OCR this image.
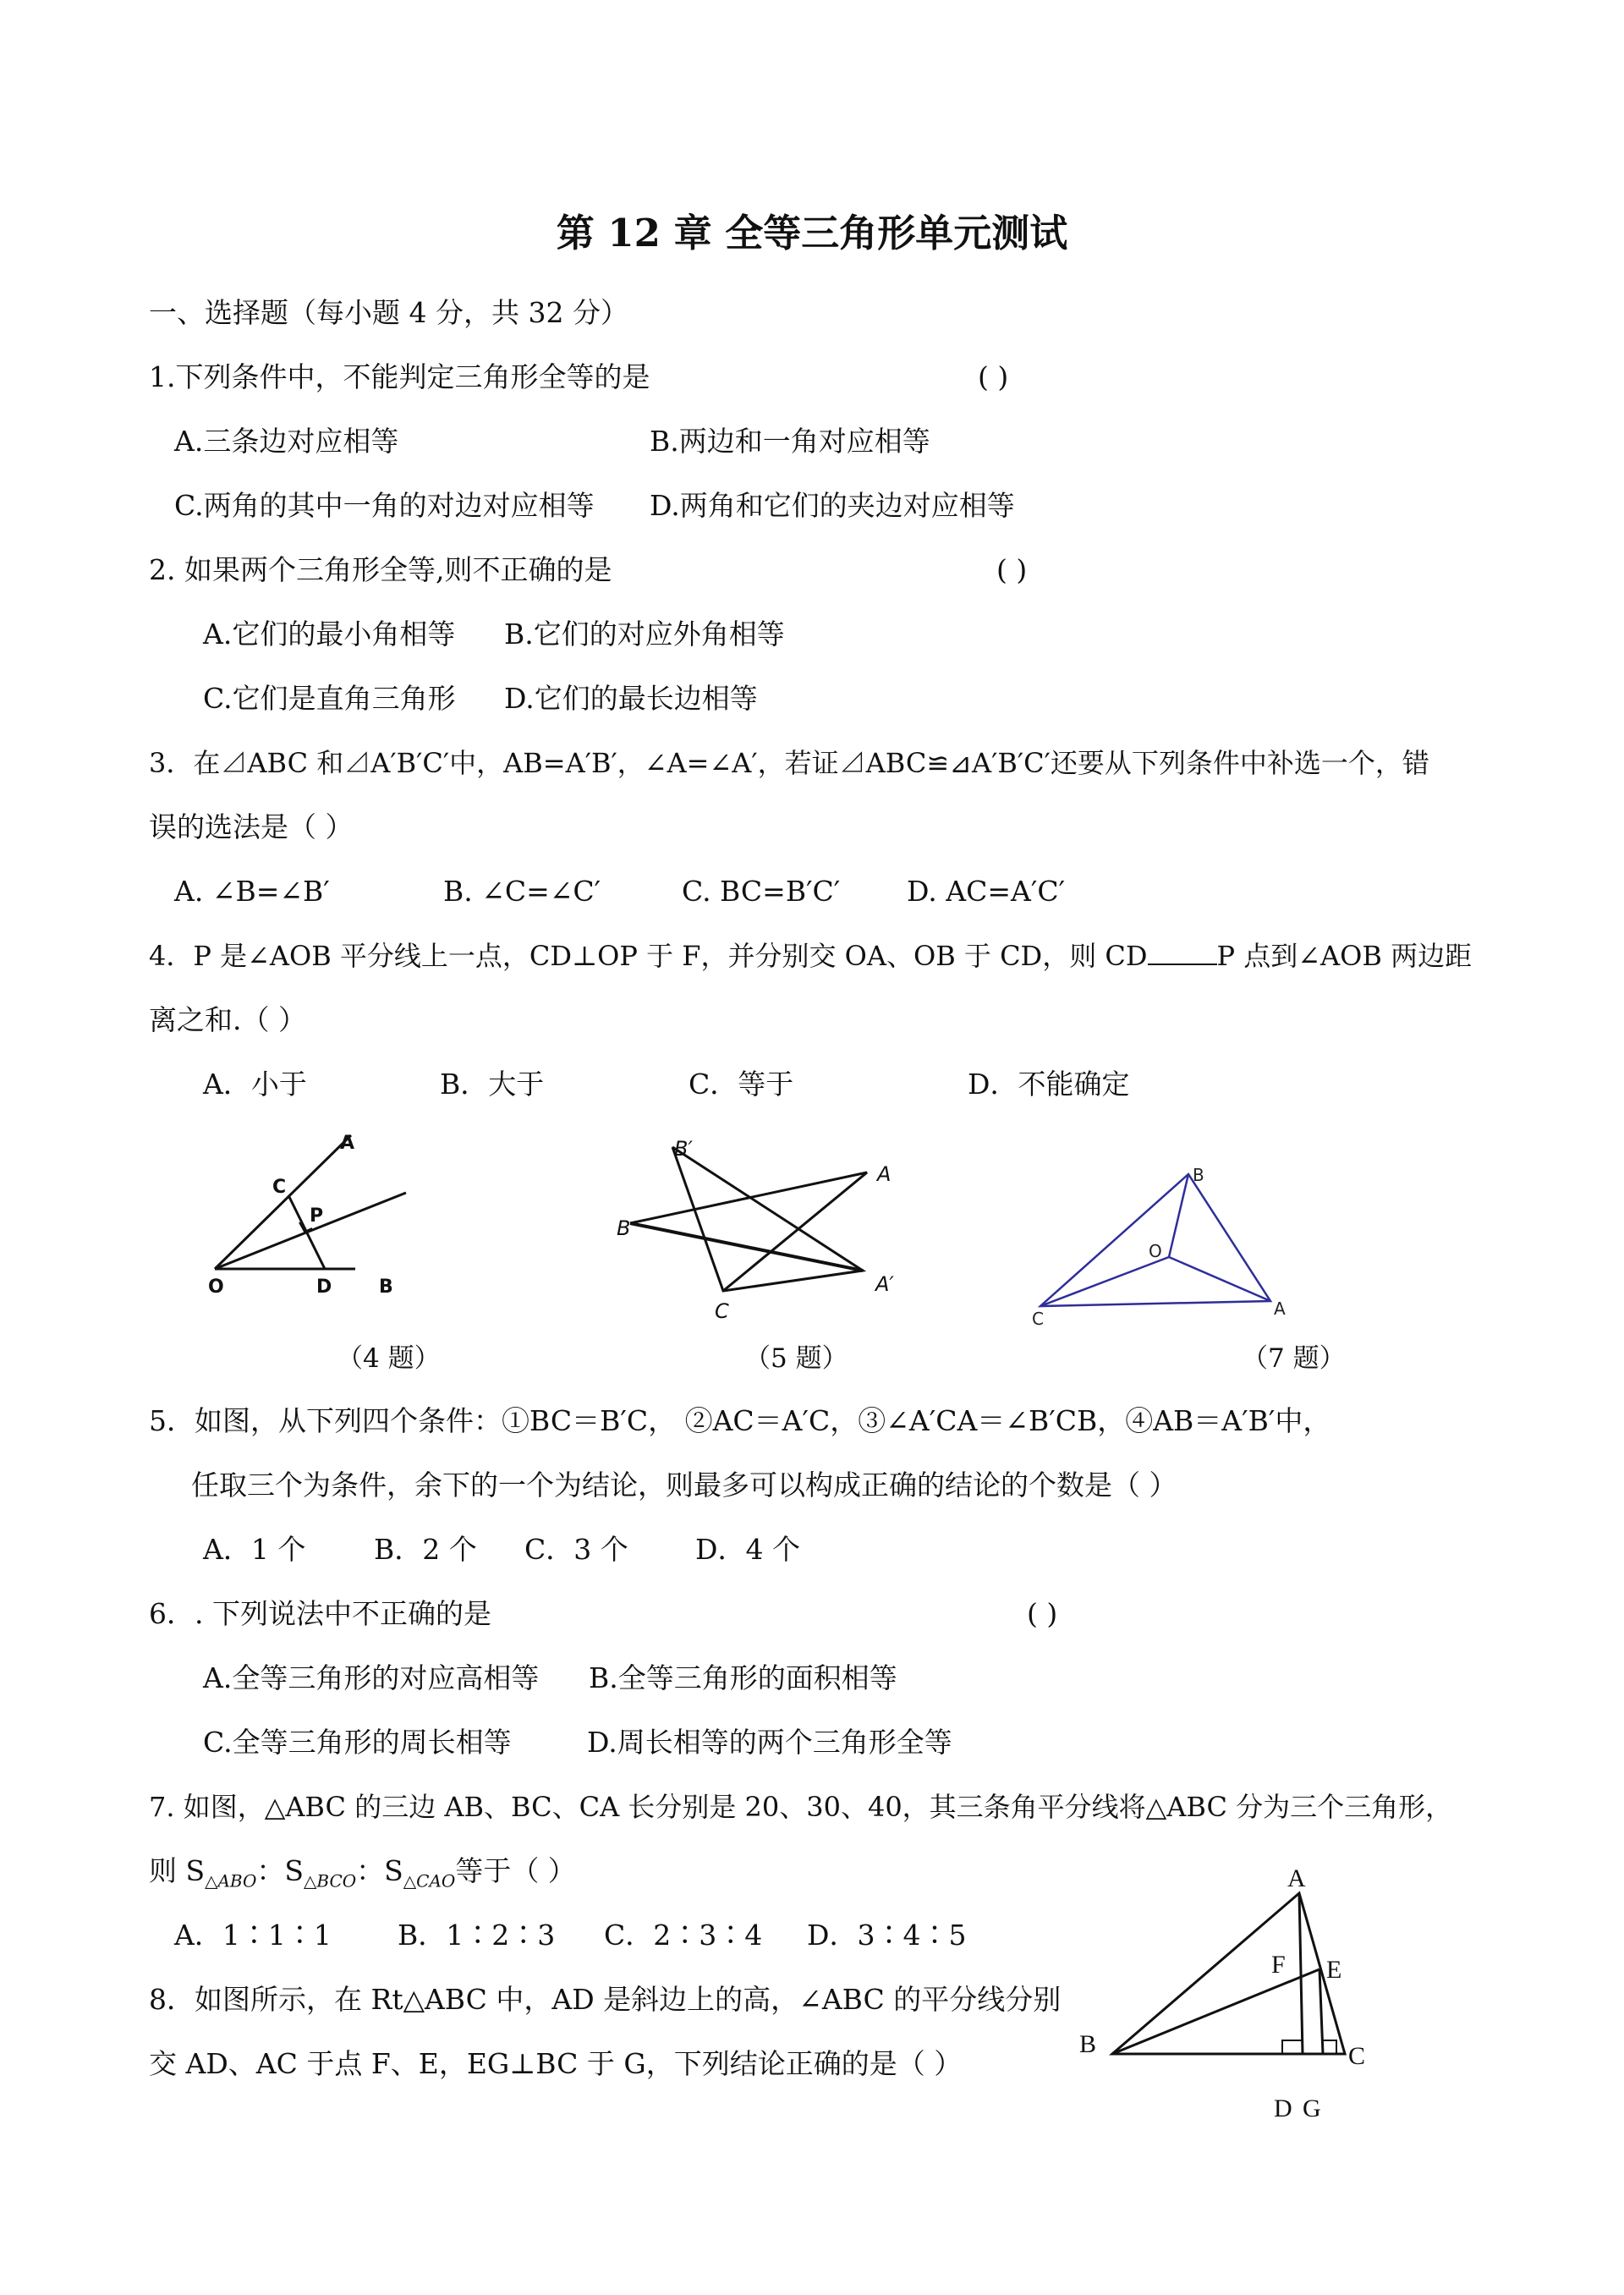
第 12 章 全等三角形单元测试
一、选择题（每小题 4 分，共 32 分）
1.下列条件中，不能判定三角形全等的是	( )
A.三条边对应相等	B.两边和一角对应相等
C.两角的其中一角的对边对应相等 D.两角和它们的夹边对应相等
2. 如果两个三角形全等,则不正确的是	( )
A.它们的最小角相等 B.它们的对应外角相等
C.它们是直角三角形 D.它们的最长边相等
3．在⊿ABC 和⊿A′B′C′中，AB=A′B′，∠A=∠A′，若证⊿ABC≌⊿A′B′C′还要从下列条件中补选一个，错
误的选法是（ ）
A. ∠B=∠B′	B. ∠C=∠C′	C. BC=B′C′ D. AC=A′C′
4．P 是∠AOB 平分线上一点，CD⊥OP 于 F，并分别交 OA、OB 于 CD，则 CD	P 点到∠AOB 两边距
离之和.（ ）
A．小于	B．大于	C．等于	D．不能确定
A
C
P
O	D	B
（4 题）
B′
A
B
A′
C
（5 题）
B
O
C	A
（7 题）
5．如图，从下列四个条件：①BC＝B′C， ②AC＝A′C，③∠A′CA＝∠B′CB，④AB＝A′B′中，
任取三个为条件，余下的一个为结论，则最多可以构成正确的结论的个数是（ ）
A．1 个 B．2 个 C．3 个 D．4 个
6．. 下列说法中不正确的是	( )
A.全等三角形的对应高相等 B.全等三角形的面积相等
C.全等三角形的周长相等	D.周长相等的两个三角形全等
7. 如图，△ABC 的三边 AB、BC、CA 长分别是 20、30、40，其三条角平分线将△ABC 分为三个三角形，
则 $S_{\triangle ABO}$：$S_{\triangle BCO}$：$S_{\triangle CAO}$等于（ ）
A．1∶1∶1 B．1∶2∶3 C．2∶3∶4 D．3∶4∶5
8．如图所示，在 Rt△ABC 中，AD 是斜边上的高，∠ABC 的平分线分别
交 AD、AC 于点 F、E，EG⊥BC 于 G，下列结论正确的是（ ）
A
F E
B	C
D G
